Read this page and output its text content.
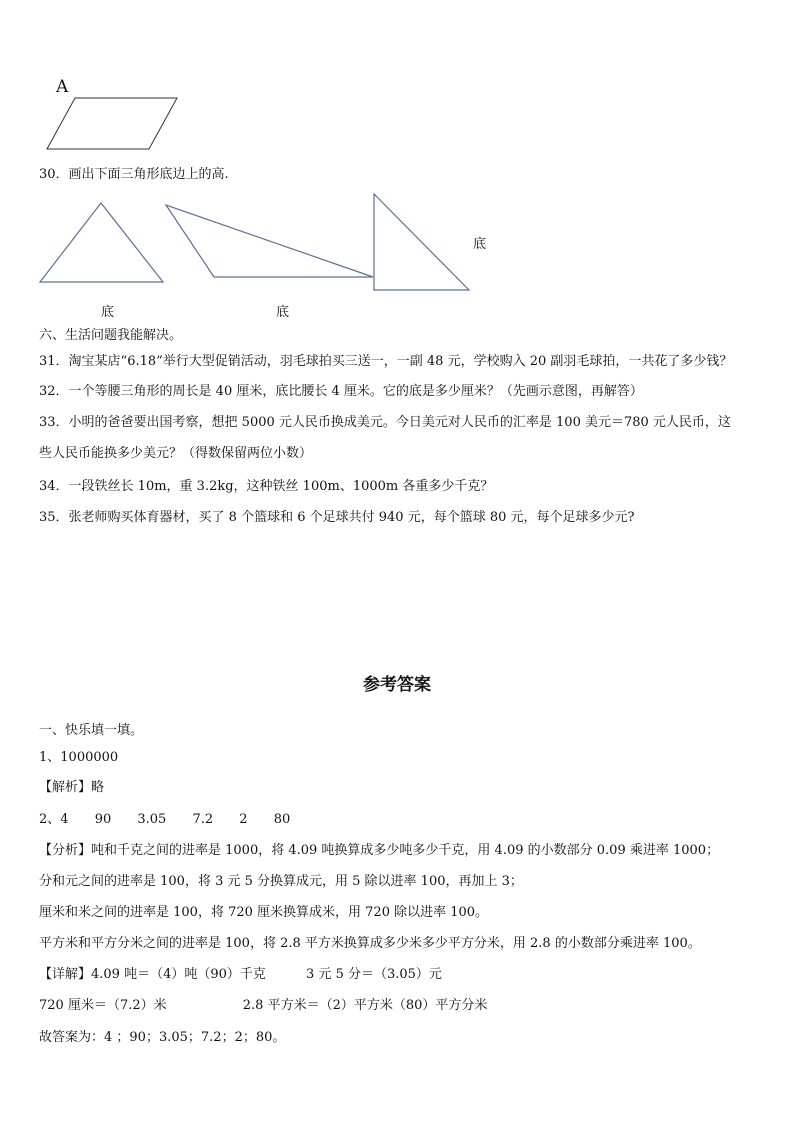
A
30．画出下面三角形底边上的高.
底	底
底
六、生活问题我能解决。
31．淘宝某店“6.18”举行大型促销活动，羽毛球拍买三送一，一副 48 元，学校购入 20 副羽毛球拍，一共花了多少钱？
32．一个等腰三角形的周长是 40 厘米，底比腰长 4 厘米。它的底是多少厘米？（先画示意图，再解答）
33．小明的爸爸要出国考察，想把 5000 元人民币换成美元。今日美元对人民币的汇率是 100 美元＝780 元人民币，这
些人民币能换多少美元？（得数保留两位小数）
34．一段铁丝长 10m，重 3.2kg，这种铁丝 100m、1000m 各重多少千克？
35．张老师购买体育器材，买了 8 个篮球和 6 个足球共付 940 元，每个篮球 80 元，每个足球多少元?
参考答案
一、快乐填一填。
1、1000000
【解析】略
2、4 90 3.05 7.2 2 80
【分析】吨和千克之间的进率是 1000，将 4.09 吨换算成多少吨多少千克，用 4.09 的小数部分 0.09 乘进率 1000；
分和元之间的进率是 100，将 3 元 5 分换算成元，用 5 除以进率 100，再加上 3；
厘米和米之间的进率是 100，将 720 厘米换算成米，用 720 除以进率 100。
平方米和平方分米之间的进率是 100，将 2.8 平方米换算成多少米多少平方分米，用 2.8 的小数部分乘进率 100。
【详解】4.09 吨＝（4）吨（90）千克	3 元 5 分＝（3.05）元
720 厘米＝（7.2）米	2.8 平方米＝（2）平方米（80）平方分米
故答案为：4 ；90；3.05；7.2；2；80。
